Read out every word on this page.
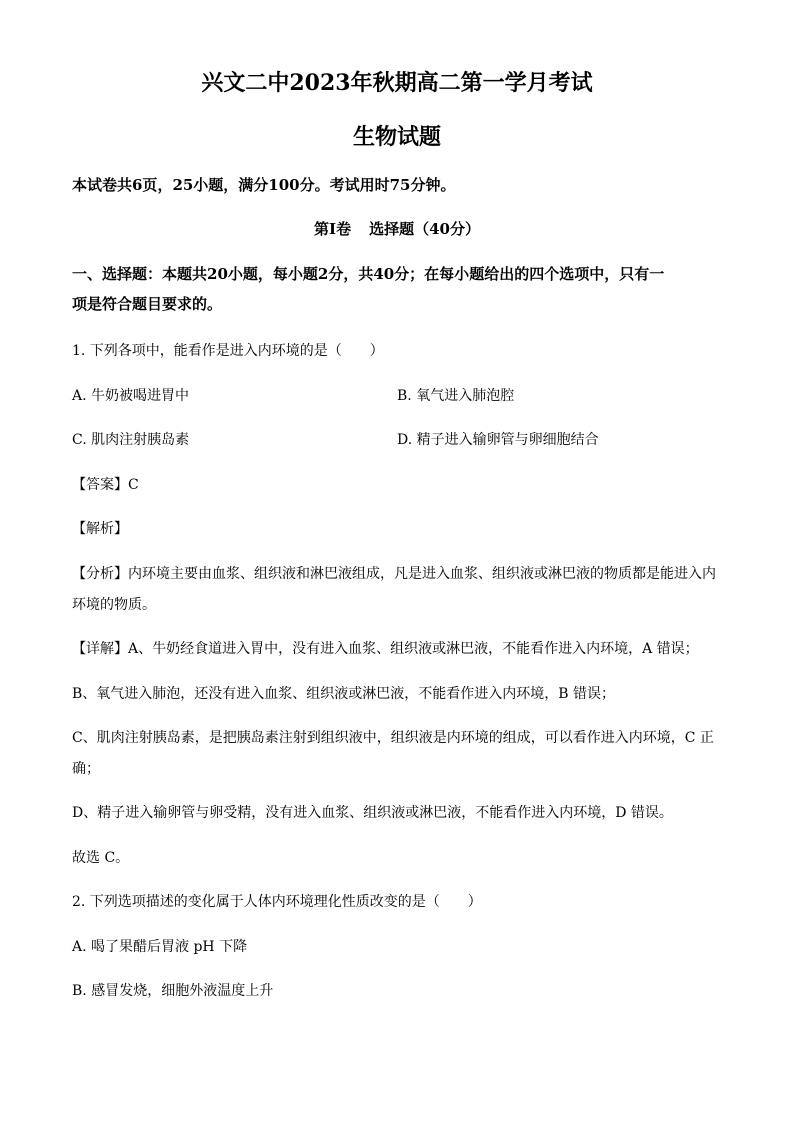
兴文二中2023年秋期高二第一学月考试
生物试题
本试卷共6页，25小题，满分100分。考试用时75分钟。
第Ⅰ卷 选择题（40分）
一、选择题：本题共20小题，每小题2分，共40分；在每小题给出的四个选项中，只有一
项是符合题目要求的。
1. 下列各项中，能看作是进入内环境的是（　　）
A. 牛奶被喝进胃中	B. 氧气进入肺泡腔
C. 肌肉注射胰岛素	D. 精子进入输卵管与卵细胞结合
【答案】C
【解析】
【分析】内环境主要由血浆、组织液和淋巴液组成，凡是进入血浆、组织液或淋巴液的物质都是能进入内
环境的物质。
【详解】A、牛奶经食道进入胃中，没有进入血浆、组织液或淋巴液，不能看作进入内环境，A 错误；
B、氧气进入肺泡，还没有进入血浆、组织液或淋巴液，不能看作进入内环境，B 错误；
C、肌肉注射胰岛素，是把胰岛素注射到组织液中，组织液是内环境的组成，可以看作进入内环境，C 正
确；
D、精子进入输卵管与卵受精，没有进入血浆、组织液或淋巴液，不能看作进入内环境，D 错误。
故选 C。
2. 下列选项描述的变化属于人体内环境理化性质改变的是（　　）
A. 喝了果醋后胃液 pH 下降
B. 感冒发烧，细胞外液温度上升
